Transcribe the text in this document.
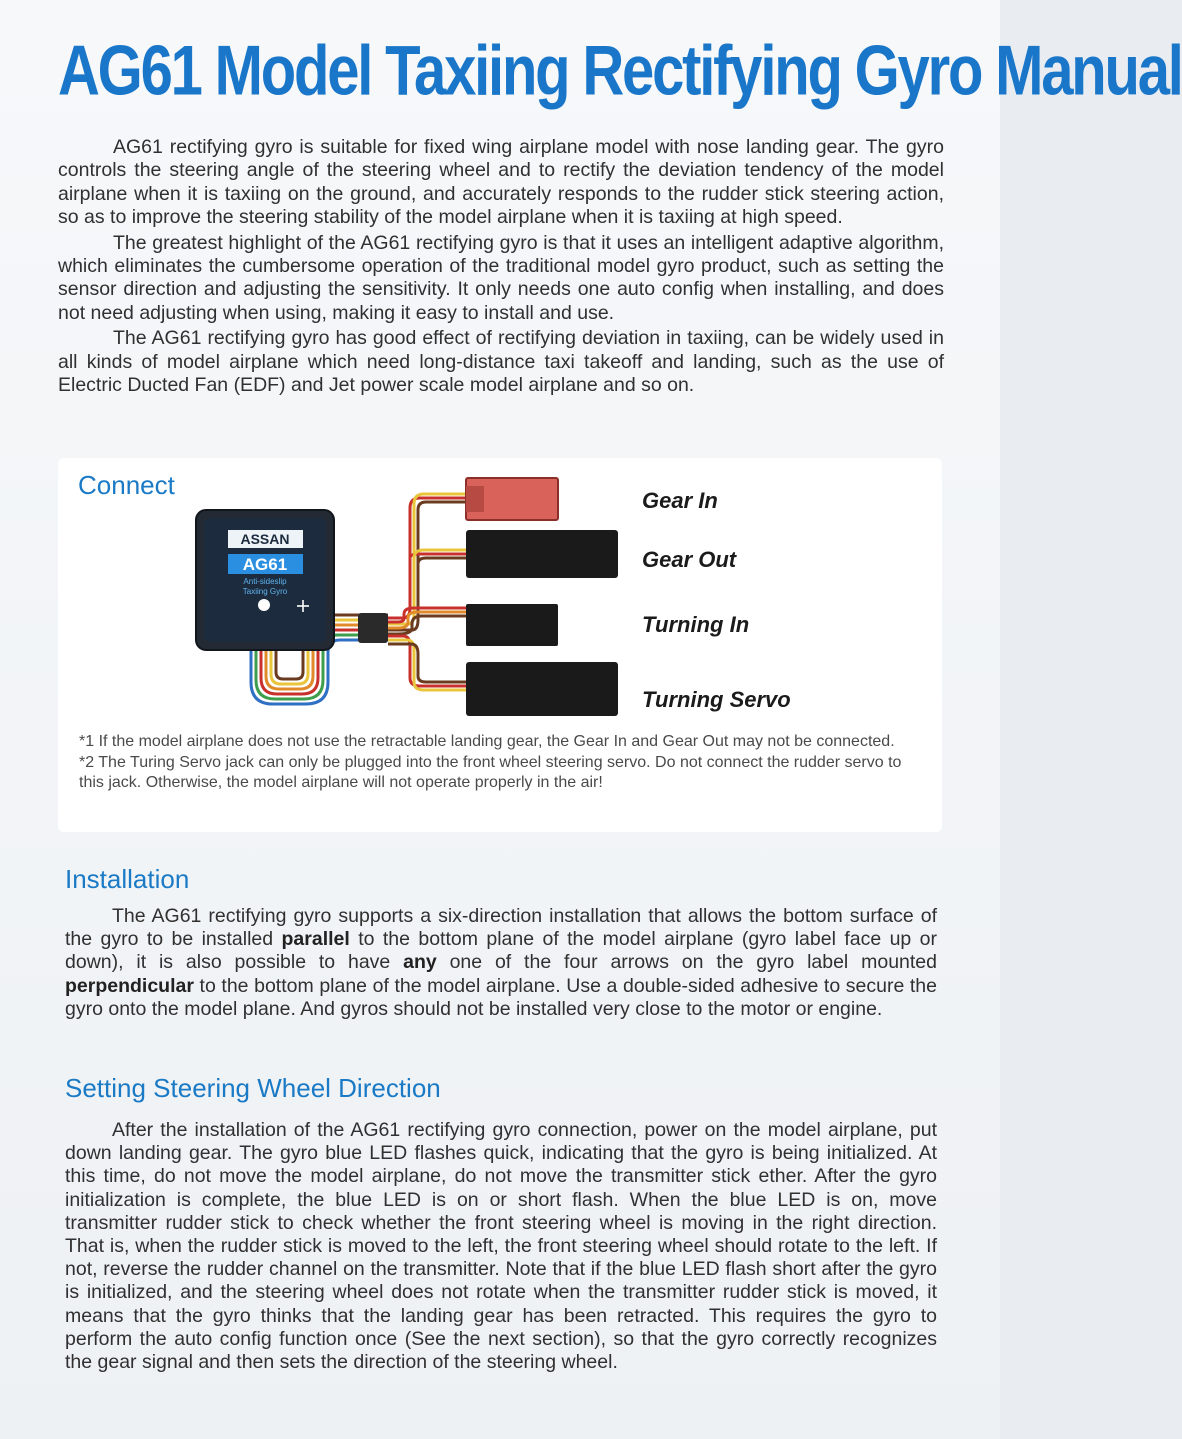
AG61 Model Taxiing Rectifying Gyro Manual

AG61 rectifying gyro is suitable for fixed wing airplane model with nose landing gear. The gyro controls the steering angle of the steering wheel and to rectify the deviation tendency of the model airplane when it is taxiing on the ground, and accurately responds to the rudder stick steering action, so as to improve the steering stability of the model airplane when it is taxiing at high speed.

The greatest highlight of the AG61 rectifying gyro is that it uses an intelligent adaptive algorithm, which eliminates the cumbersome operation of the traditional model gyro product, such as setting the sensor direction and adjusting the sensitivity. It only needs one auto config when installing, and does not need adjusting when using, making it easy to install and use.

The AG61 rectifying gyro has good effect of rectifying deviation in taxiing, can be widely used in all kinds of model airplane which need long-distance taxi takeoff and landing, such as the use of Electric Ducted Fan (EDF) and Jet power scale model airplane and so on.

Connect
ASSAN
AG61
Anti-sideslip
Taxiing Gyro
Gear In
Gear Out
Turning In
Turning Servo

*1 If the model airplane does not use the retractable landing gear, the Gear In and Gear Out may not be connected.

*2 The Turing Servo jack can only be plugged into the front wheel steering servo. Do not connect the rudder servo to this jack. Otherwise, the model airplane will not operate properly in the air!

Installation

The AG61 rectifying gyro supports a six-direction installation that allows the bottom surface of the gyro to be installed parallel to the bottom plane of the model airplane (gyro label face up or down), it is also possible to have any one of the four arrows on the gyro label mounted perpendicular to the bottom plane of the model airplane. Use a double-sided adhesive to secure the gyro onto the model plane. And gyros should not be installed very close to the motor or engine.

Setting Steering Wheel Direction

After the installation of the AG61 rectifying gyro connection, power on the model airplane, put down landing gear. The gyro blue LED flashes quick, indicating that the gyro is being initialized. At this time, do not move the model airplane, do not move the transmitter stick ether. After the gyro initialization is complete, the blue LED is on or short flash. When the blue LED is on, move transmitter rudder stick to check whether the front steering wheel is moving in the right direction. That is, when the rudder stick is moved to the left, the front steering wheel should rotate to the left. If not, reverse the rudder channel on the transmitter. Note that if the blue LED flash short after the gyro is initialized, and the steering wheel does not rotate when the transmitter rudder stick is moved, it means that the gyro thinks that the landing gear has been retracted. This requires the gyro to perform the auto config function once (See the next section), so that the gyro correctly recognizes the gear signal and then sets the direction of the steering wheel.
